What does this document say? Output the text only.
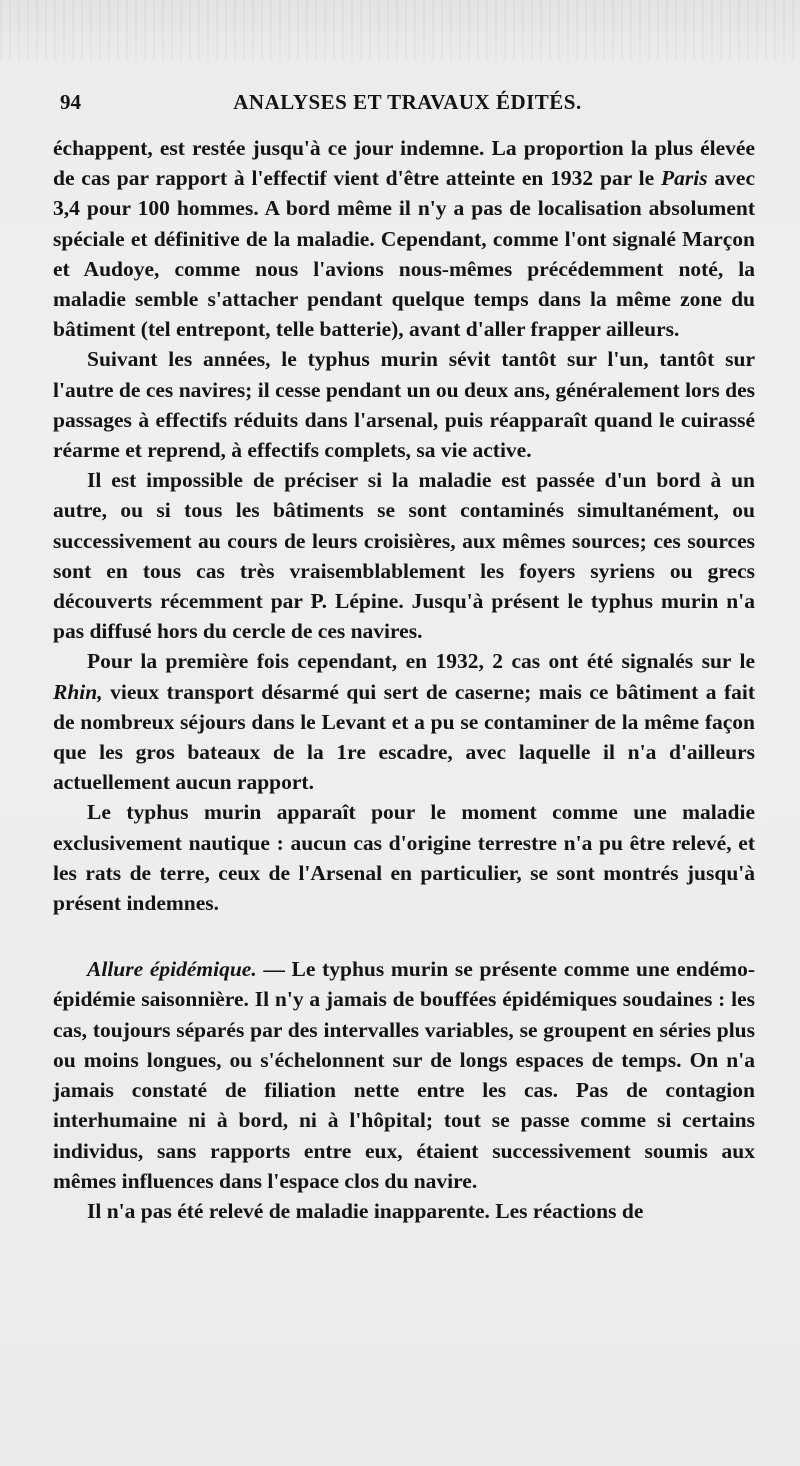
94	ANALYSES ET TRAVAUX ÉDITÉS.

échappent, est restée jusqu'à ce jour indemne. La proportion la plus élevée de cas par rapport à l'effectif vient d'être atteinte en 1932 par le Paris avec 3,4 pour 100 hommes. A bord même il n'y a pas de localisation absolument spéciale et définitive de la maladie. Cependant, comme l'ont signalé Marçon et Audoye, comme nous l'avions nous-mêmes précédemment noté, la maladie semble s'attacher pendant quelque temps dans la même zone du bâtiment (tel entrepont, telle batterie), avant d'aller frapper ailleurs.

Suivant les années, le typhus murin sévit tantôt sur l'un, tantôt sur l'autre de ces navires; il cesse pendant un ou deux ans, généralement lors des passages à effectifs réduits dans l'arsenal, puis réapparaît quand le cuirassé réarme et reprend, à effectifs complets, sa vie active.

Il est impossible de préciser si la maladie est passée d'un bord à un autre, ou si tous les bâtiments se sont contaminés simultanément, ou successivement au cours de leurs croisières, aux mêmes sources; ces sources sont en tous cas très vraisemblablement les foyers syriens ou grecs découverts récemment par P. Lépine. Jusqu'à présent le typhus murin n'a pas diffusé hors du cercle de ces navires.

Pour la première fois cependant, en 1932, 2 cas ont été signalés sur le Rhin, vieux transport désarmé qui sert de caserne; mais ce bâtiment a fait de nombreux séjours dans le Levant et a pu se contaminer de la même façon que les gros bateaux de la 1re escadre, avec laquelle il n'a d'ailleurs actuellement aucun rapport.

Le typhus murin apparaît pour le moment comme une maladie exclusivement nautique : aucun cas d'origine terrestre n'a pu être relevé, et les rats de terre, ceux de l'Arsenal en particulier, se sont montrés jusqu'à présent indemnes.

Allure épidémique. — Le typhus murin se présente comme une endémo-épidémie saisonnière. Il n'y a jamais de bouffées épidémiques soudaines : les cas, toujours séparés par des intervalles variables, se groupent en séries plus ou moins longues, ou s'échelonnent sur de longs espaces de temps. On n'a jamais constaté de filiation nette entre les cas. Pas de contagion interhumaine ni à bord, ni à l'hôpital; tout se passe comme si certains individus, sans rapports entre eux, étaient successivement soumis aux mêmes influences dans l'espace clos du navire.

Il n'a pas été relevé de maladie inapparente. Les réactions de
